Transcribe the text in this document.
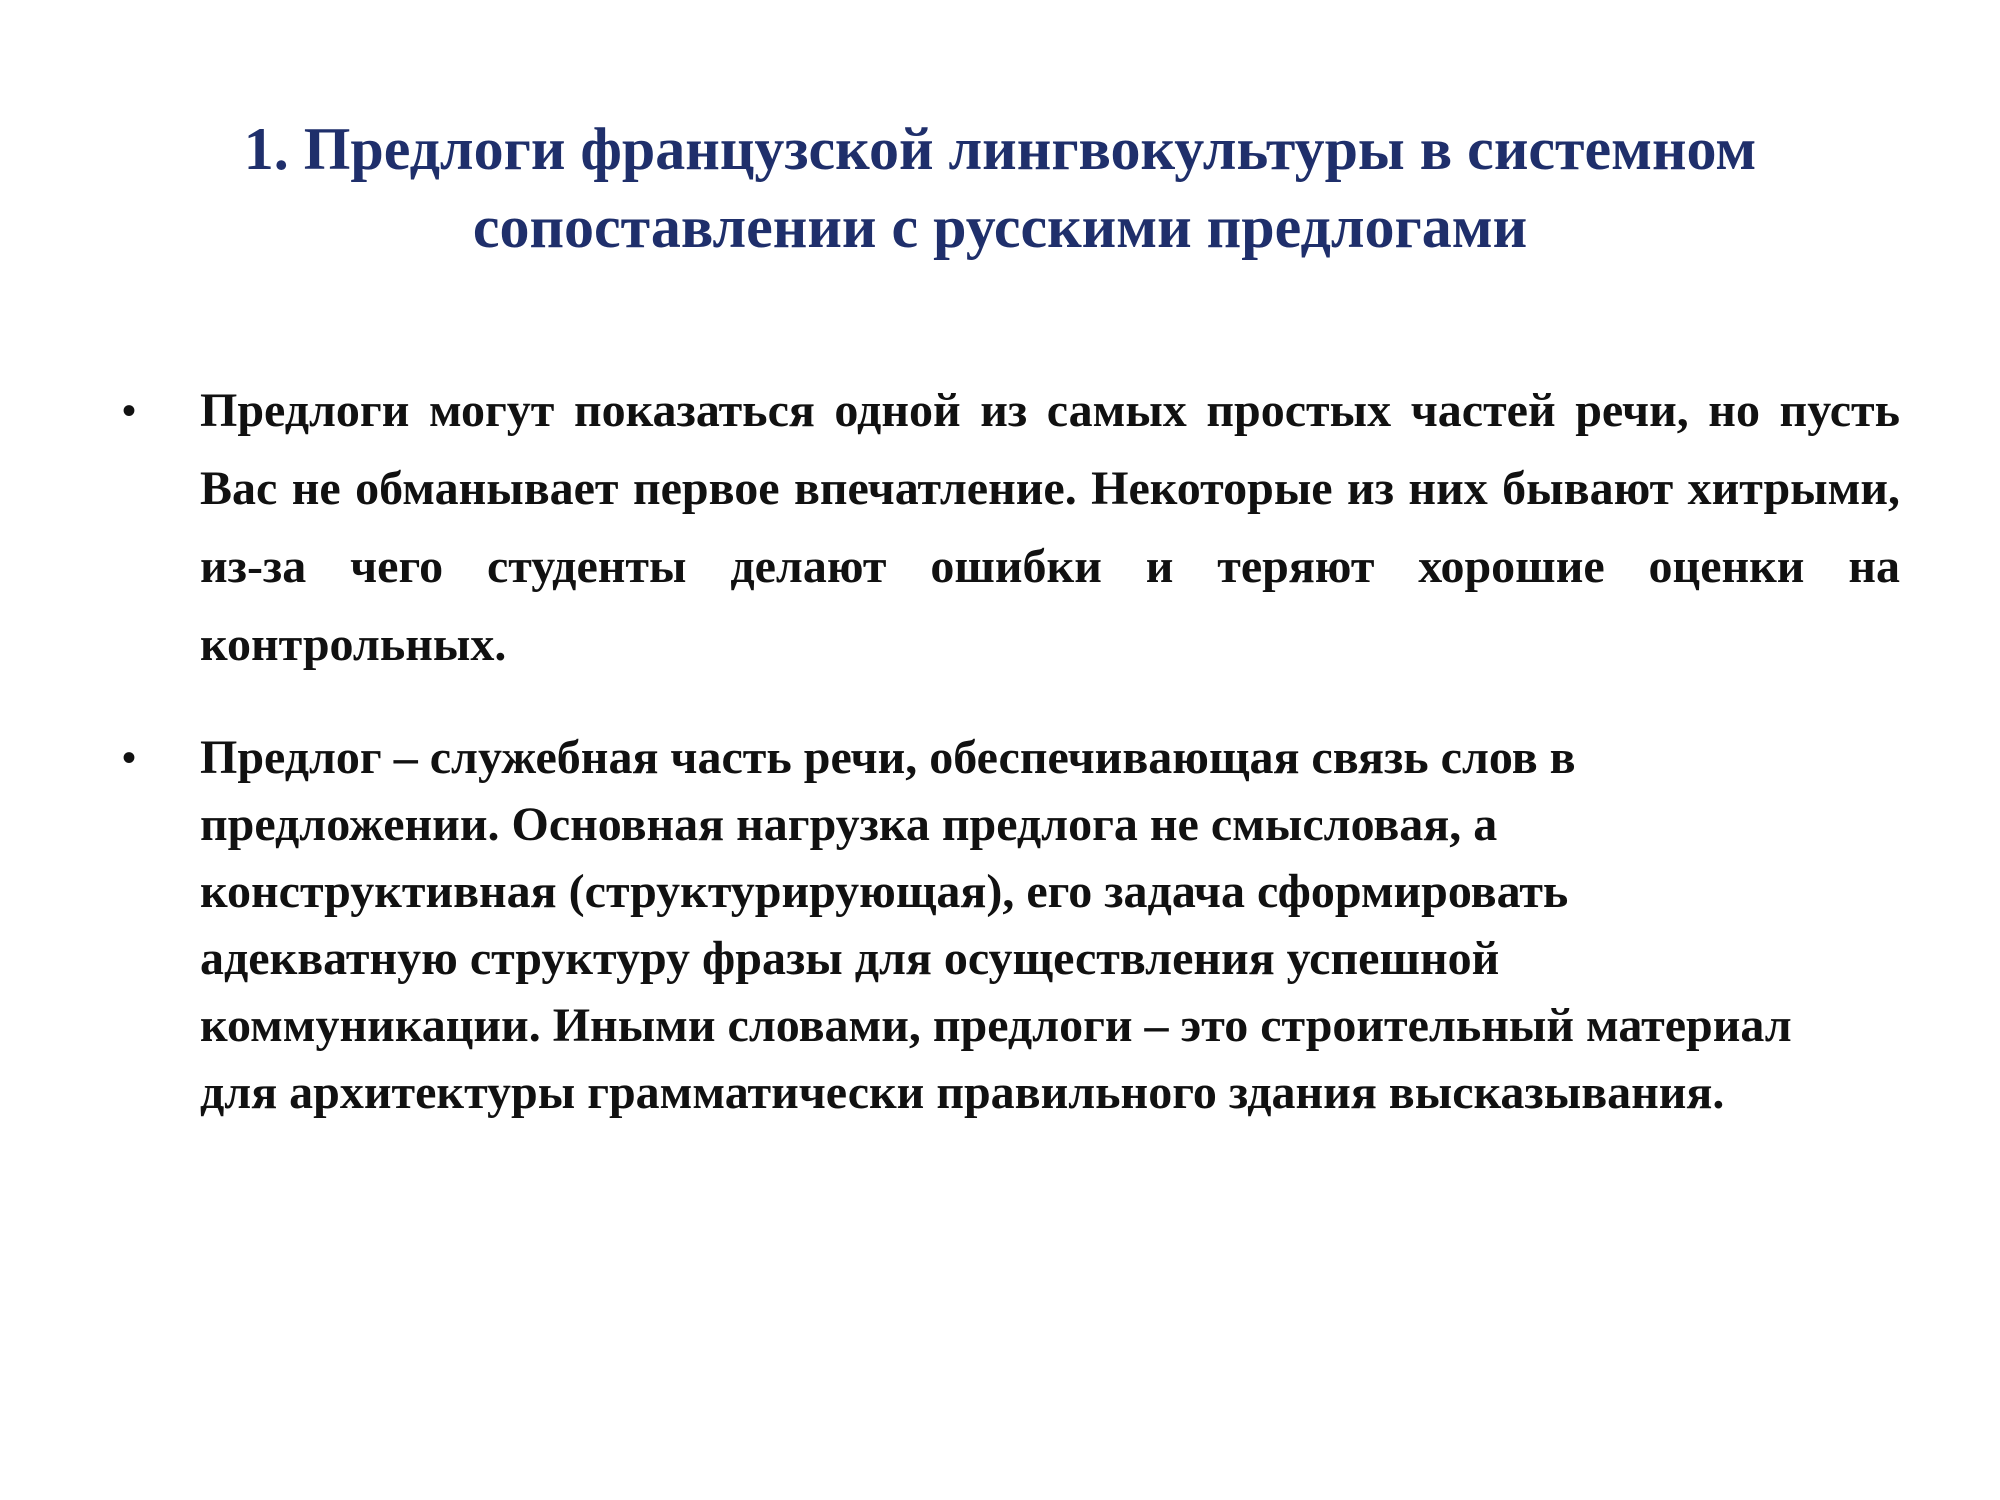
1. Предлоги французской лингвокультуры в системном сопоставлении с русскими предлогами
• Предлоги могут показаться одной из самых простых частей речи, но пусть Вас не обманывает первое впечатление. Некоторые из них бывают хитрыми, из-за чего студенты делают ошибки и теряют хорошие оценки на контрольных.
• Предлог – служебная часть речи, обеспечивающая связь слов в предложении. Основная нагрузка предлога не смысловая, а конструктивная (структурирующая), его задача сформировать адекватную структуру фразы для осуществления успешной коммуникации. Иными словами, предлоги – это строительный материал для архитектуры грамматически правильного здания высказывания.
